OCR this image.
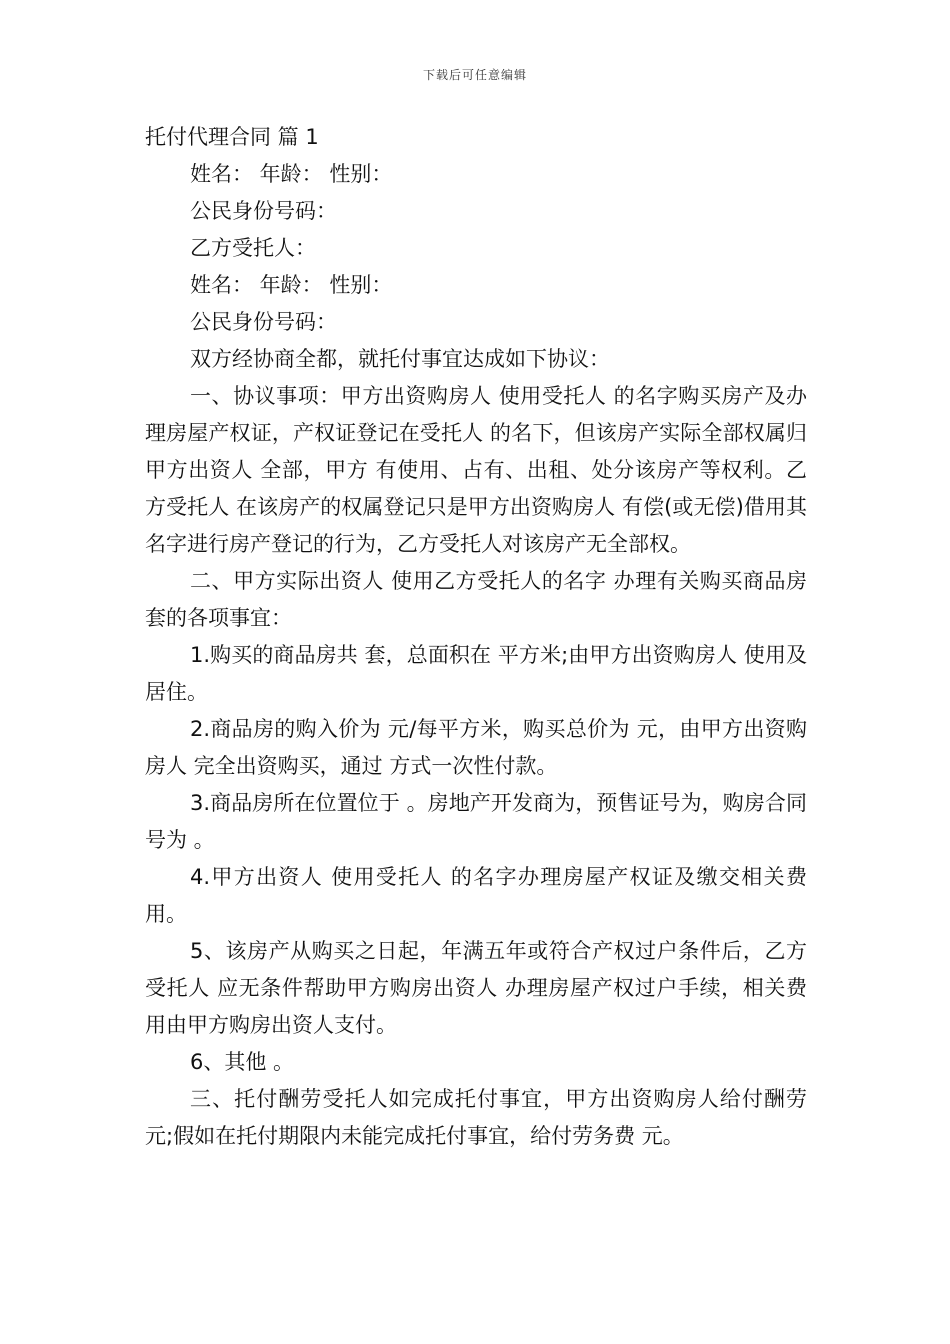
下载后可任意编辑
托付代理合同 篇 1

姓名： 年龄： 性别：

公民身份号码：

乙方受托人：

姓名： 年龄： 性别：

公民身份号码：

双方经协商全都，就托付事宜达成如下协议：

一、协议事项：甲方出资购房人 使用受托人 的名字购买房产及办理房屋产权证，产权证登记在受托人 的名下，但该房产实际全部权属归甲方出资人 全部，甲方 有使用、占有、出租、处分该房产等权利。乙方受托人 在该房产的权属登记只是甲方出资购房人 有偿(或无偿)借用其名字进行房产登记的行为，乙方受托人对该房产无全部权。

二、甲方实际出资人 使用乙方受托人的名字 办理有关购买商品房 套的各项事宜：

1.购买的商品房共 套，总面积在 平方米;由甲方出资购房人 使用及居住。

2.商品房的购入价为 元/每平方米，购买总价为 元，由甲方出资购房人 完全出资购买，通过 方式一次性付款。

3.商品房所在位置位于 。房地产开发商为，预售证号为，购房合同号为 。

4.甲方出资人 使用受托人 的名字办理房屋产权证及缴交相关费用。

5、该房产从购买之日起，年满五年或符合产权过户条件后，乙方受托人 应无条件帮助甲方购房出资人 办理房屋产权过户手续，相关费用由甲方购房出资人支付。

6、其他 。

三、托付酬劳受托人如完成托付事宜，甲方出资购房人给付酬劳 元;假如在托付期限内未能完成托付事宜，给付劳务费 元。
